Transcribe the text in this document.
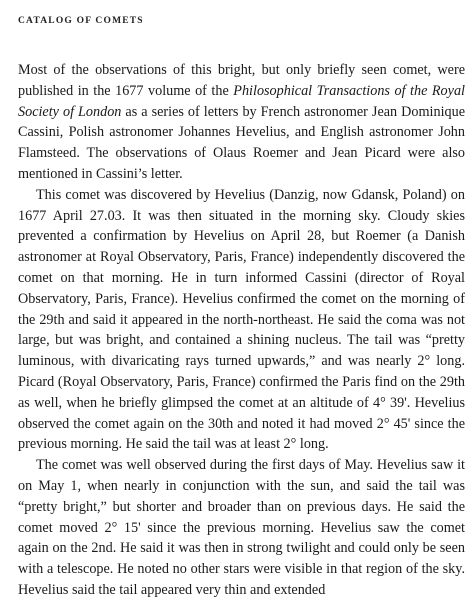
CATALOG OF COMETS

Most of the observations of this bright, but only briefly seen comet, were published in the 1677 volume of the Philosophical Transactions of the Royal Society of London as a series of letters by French astronomer Jean Dominique Cassini, Polish astronomer Johannes Hevelius, and English astronomer John Flamsteed. The observations of Olaus Roemer and Jean Picard were also mentioned in Cassini’s letter.

This comet was discovered by Hevelius (Danzig, now Gdansk, Poland) on 1677 April 27.03. It was then situated in the morning sky. Cloudy skies prevented a confirmation by Hevelius on April 28, but Roemer (a Danish astronomer at Royal Observatory, Paris, France) independently discovered the comet on that morning. He in turn informed Cassini (director of Royal Observatory, Paris, France). Hevelius confirmed the comet on the morning of the 29th and said it appeared in the north-northeast. He said the coma was not large, but was bright, and contained a shining nucleus. The tail was “pretty luminous, with divaricating rays turned upwards,” and was nearly 2° long. Picard (Royal Observatory, Paris, France) confirmed the Paris find on the 29th as well, when he briefly glimpsed the comet at an altitude of 4° 39'. Hevelius observed the comet again on the 30th and noted it had moved 2° 45' since the previous morning. He said the tail was at least 2° long.

The comet was well observed during the first days of May. Hevelius saw it on May 1, when nearly in conjunction with the sun, and said the tail was “pretty bright,” but shorter and broader than on previous days. He said the comet moved 2° 15' since the previous morning. Hevelius saw the comet again on the 2nd. He said it was then in strong twilight and could only be seen with a telescope. He noted no other stars were visible in that region of the sky. Hevelius said the tail appeared very thin and extended
